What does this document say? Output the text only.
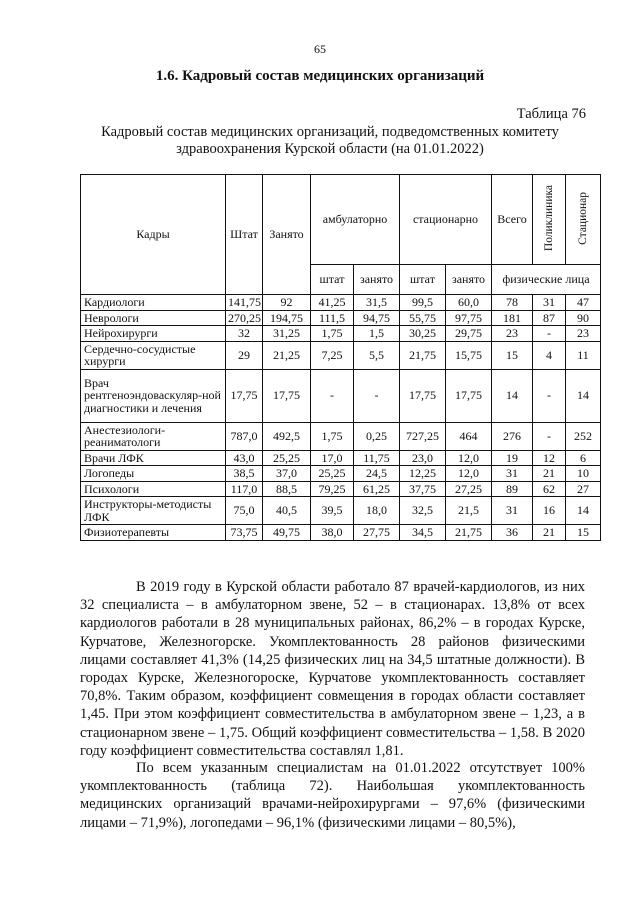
65
1.6. Кадровый состав медицинских организаций
Таблица 76
Кадровый состав медицинских организаций, подведомственных комитету здравоохранения Курской области (на 01.01.2022)
Кадры	Штат	Занято	амбулаторно		стационарно		Всего	Поликлиника	Стационар
			штат	занято	штат	занято	физические лица		
Кардиологи	141,75	92	41,25	31,5	99,5	60,0	78	31	47
Неврологи	270,25	194,75	111,5	94,75	55,75	97,75	181	87	90
Нейрохирурги	32	31,25	1,75	1,5	30,25	29,75	23	-	23
Сердечно-сосудистые хирурги	29	21,25	7,25	5,5	21,75	15,75	15	4	11
Врач рентгеноэндоваскуляр-ной диагностики и лечения	17,75	17,75	-	-	17,75	17,75	14	-	14
Анестезиологи-реаниматологи	787,0	492,5	1,75	0,25	727,25	464	276	-	252
Врачи ЛФК	43,0	25,25	17,0	11,75	23,0	12,0	19	12	6
Логопеды	38,5	37,0	25,25	24,5	12,25	12,0	31	21	10
Психологи	117,0	88,5	79,25	61,25	37,75	27,25	89	62	27
Инструкторы-методисты ЛФК	75,0	40,5	39,5	18,0	32,5	21,5	31	16	14
Физиотерапевты	73,75	49,75	38,0	27,75	34,5	21,75	36	21	15

В 2019 году в Курской области работало 87 врачей-кардиологов, из них 32 специалиста – в амбулаторном звене, 52 – в стационарах. 13,8% от всех кардиологов работали в 28 муниципальных районах, 86,2% – в городах Курске, Курчатове, Железногорске. Укомплектованность 28 районов физическими лицами составляет 41,3% (14,25 физических лиц на 34,5 штатные должности). В городах Курске, Железногороске, Курчатове укомплектованность составляет 70,8%. Таким образом, коэффициент совмещения в городах области составляет 1,45. При этом коэффициент совместительства в амбулаторном звене – 1,23, а в стационарном звене – 1,75. Общий коэффициент совместительства – 1,58. В 2020 году коэффициент совместительства составлял 1,81.

По всем указанным специалистам на 01.01.2022 отсутствует 100% укомплектованность (таблица 72). Наибольшая укомплектованность медицинских организаций врачами-нейрохирургами – 97,6% (физическими лицами – 71,9%), логопедами – 96,1% (физическими лицами – 80,5%),
